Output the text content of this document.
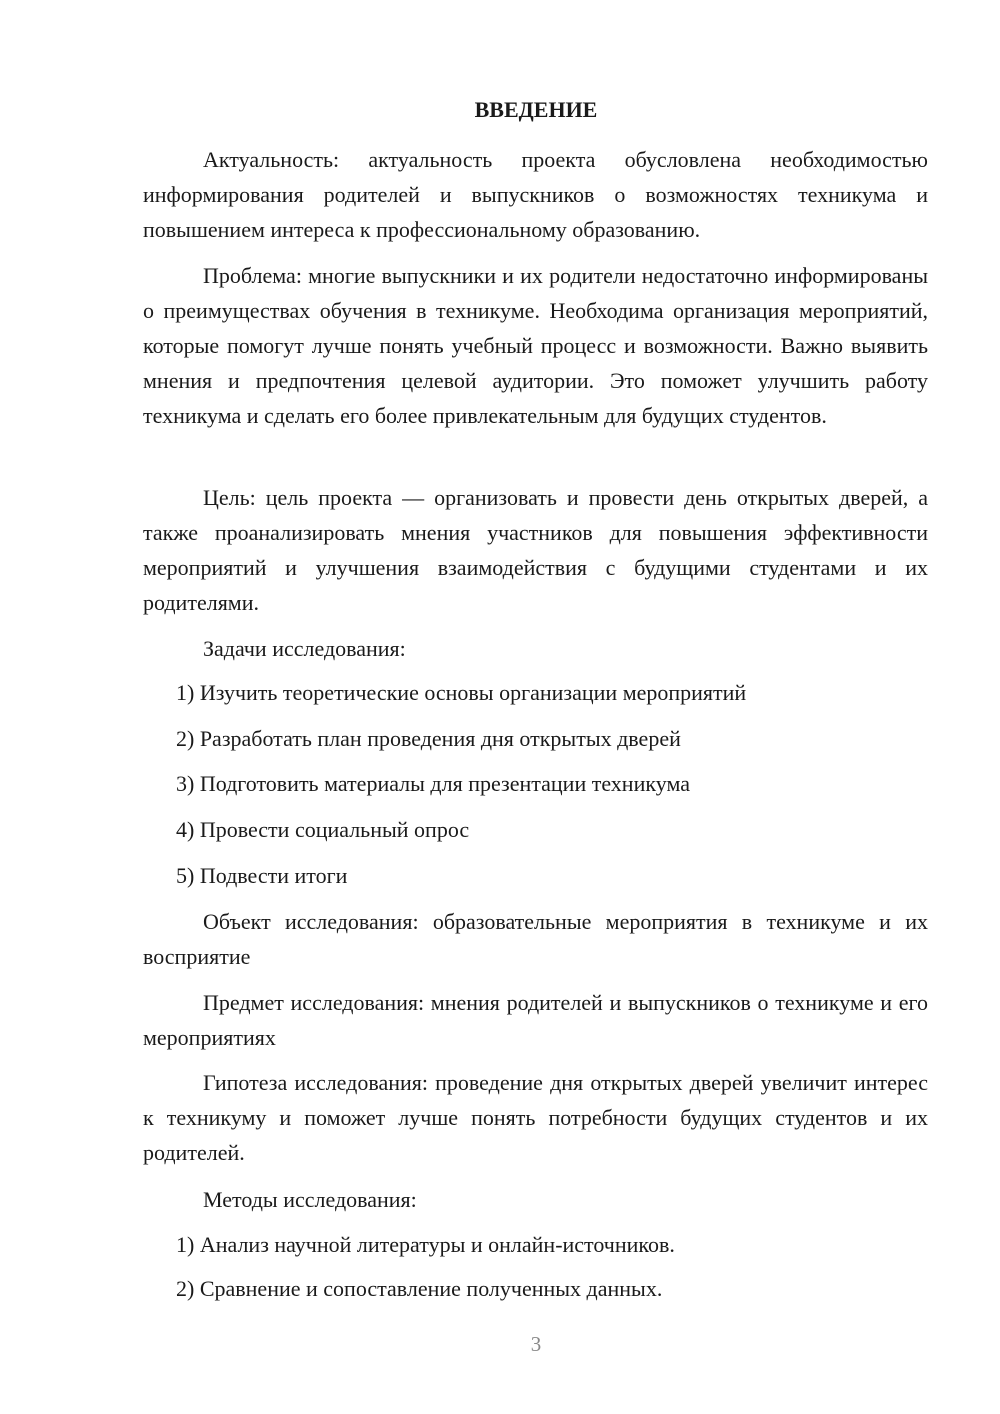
ВВЕДЕНИЕ

Актуальность: актуальность проекта обусловлена необходимостью информирования родителей и выпускников о возможностях техникума и повышением интереса к профессиональному образованию.

Проблема: многие выпускники и их родители недостаточно информированы о преимуществах обучения в техникуме. Необходима организация мероприятий, которые помогут лучше понять учебный процесс и возможности. Важно выявить мнения и предпочтения целевой аудитории. Это поможет улучшить работу техникума и сделать его более привлекательным для будущих студентов.

Цель: цель проекта — организовать и провести день открытых дверей, а также проанализировать мнения участников для повышения эффективности мероприятий и улучшения взаимодействия с будущими студентами и их родителями.

Задачи исследования:

1) Изучить теоретические основы организации мероприятий
2) Разработать план проведения дня открытых дверей
3) Подготовить материалы для презентации техникума
4) Провести социальный опрос
5) Подвести итоги

Объект исследования: образовательные мероприятия в техникуме и их восприятие

Предмет исследования: мнения родителей и выпускников о техникуме и его мероприятиях

Гипотеза исследования: проведение дня открытых дверей увеличит интерес к техникуму и поможет лучше понять потребности будущих студентов и их родителей.

Методы исследования:

1) Анализ научной литературы и онлайн-источников.
2) Сравнение и сопоставление полученных данных.
3
